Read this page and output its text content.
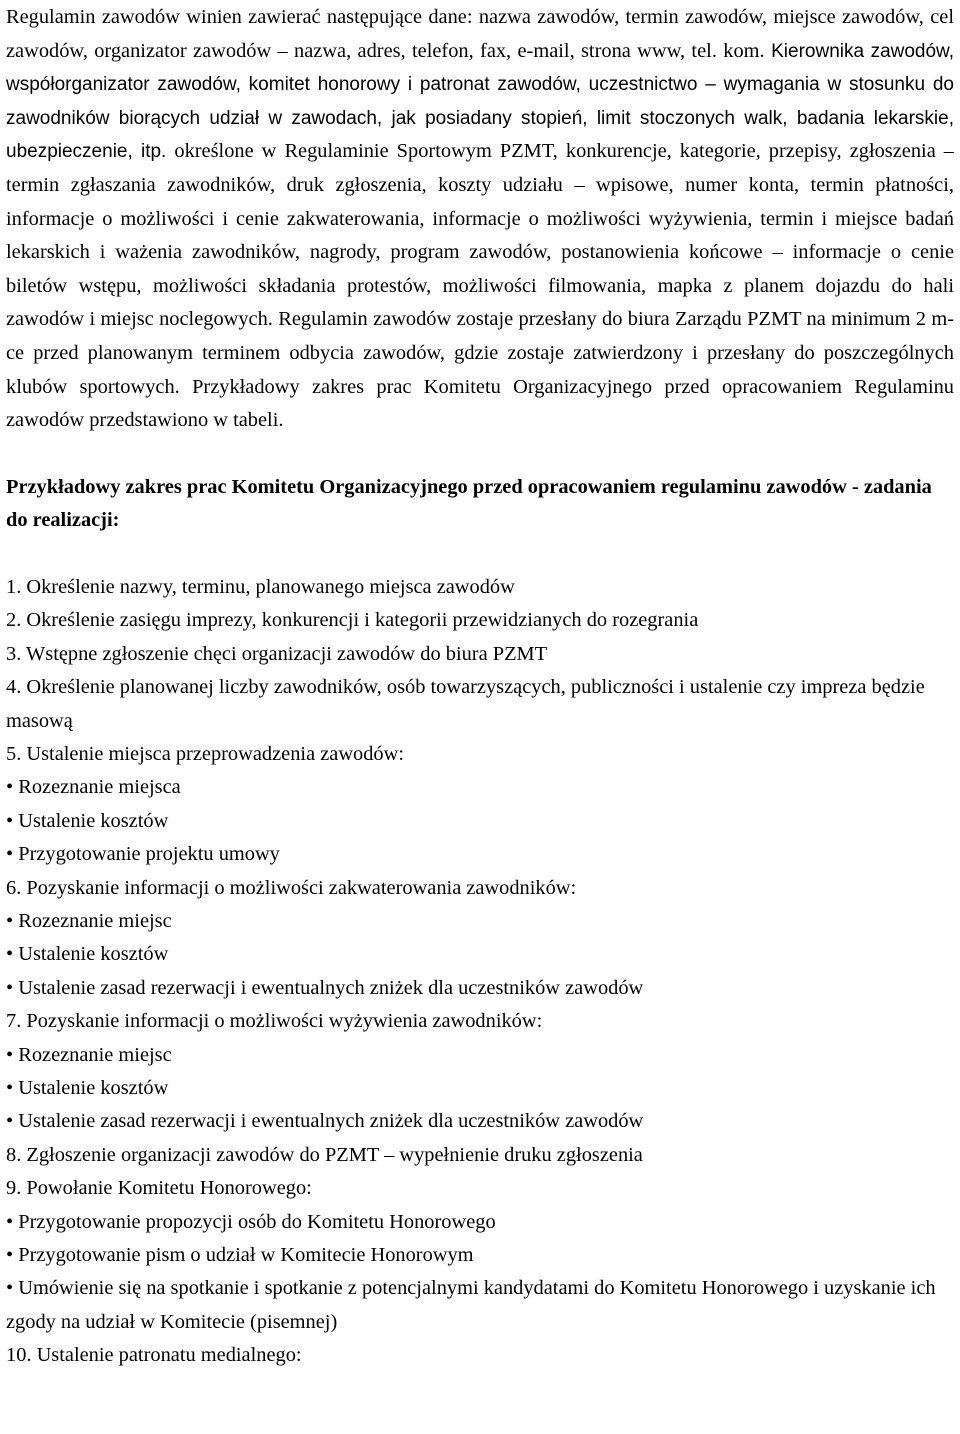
Regulamin zawodów winien zawierać następujące dane: nazwa zawodów, termin zawodów, miejsce zawodów, cel zawodów, organizator zawodów – nazwa, adres, telefon, fax, e-mail, strona www, tel. kom. Kierownika zawodów, współorganizator zawodów, komitet honorowy i patronat zawodów, uczestnictwo – wymagania w stosunku do zawodników biorących udział w zawodach, jak posiadany stopień, limit stoczonych walk, badania lekarskie, ubezpieczenie, itp. określone w Regulaminie Sportowym PZMT, konkurencje, kategorie, przepisy, zgłoszenia – termin zgłaszania zawodników, druk zgłoszenia, koszty udziału – wpisowe, numer konta, termin płatności, informacje o możliwości i cenie zakwaterowania, informacje o możliwości wyżywienia, termin i miejsce badań lekarskich i ważenia zawodników, nagrody, program zawodów, postanowienia końcowe – informacje o cenie biletów wstępu, możliwości składania protestów, możliwości filmowania, mapka z planem dojazdu do hali zawodów i miejsc noclegowych. Regulamin zawodów zostaje przesłany do biura Zarządu PZMT na minimum 2 m-ce przed planowanym terminem odbycia zawodów, gdzie zostaje zatwierdzony i przesłany do poszczególnych klubów sportowych. Przykładowy zakres prac Komitetu Organizacyjnego przed opracowaniem Regulaminu zawodów przedstawiono w tabeli.

Przykładowy zakres prac Komitetu Organizacyjnego przed opracowaniem regulaminu zawodów - zadania do realizacji:
1. Określenie nazwy, terminu, planowanego miejsca zawodów
2. Określenie zasięgu imprezy, konkurencji i kategorii przewidzianych do rozegrania
3. Wstępne zgłoszenie chęci organizacji zawodów do biura PZMT
4. Określenie planowanej liczby zawodników, osób towarzyszących, publiczności i ustalenie czy impreza będzie masową
5. Ustalenie miejsca przeprowadzenia zawodów:
• Rozeznanie miejsca
• Ustalenie kosztów
• Przygotowanie projektu umowy
6. Pozyskanie informacji o możliwości zakwaterowania zawodników:
• Rozeznanie miejsc
• Ustalenie kosztów
• Ustalenie zasad rezerwacji i ewentualnych zniżek dla uczestników zawodów
7. Pozyskanie informacji o możliwości wyżywienia zawodników:
• Rozeznanie miejsc
• Ustalenie kosztów
• Ustalenie zasad rezerwacji i ewentualnych zniżek dla uczestników zawodów
8. Zgłoszenie organizacji zawodów do PZMT – wypełnienie druku zgłoszenia
9. Powołanie Komitetu Honorowego:
• Przygotowanie propozycji osób do Komitetu Honorowego
• Przygotowanie pism o udział w Komitecie Honorowym
• Umówienie się na spotkanie i spotkanie z potencjalnymi kandydatami do Komitetu Honorowego i uzyskanie ich zgody na udział w Komitecie (pisemnej)
10. Ustalenie patronatu medialnego:
